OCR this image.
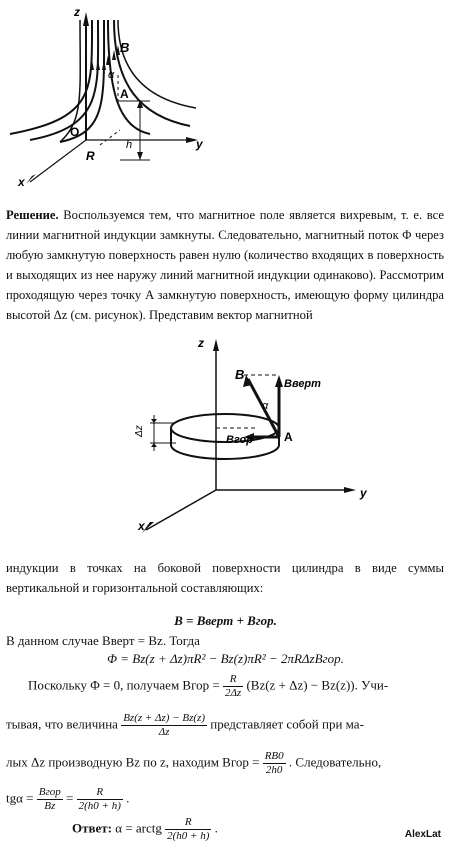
z
B
α
A
O
R
h	y
x
Решение. Воспользуемся тем, что магнитное поле является вихревым, т. е. все линии магнитной индукции замкнуты. Следовательно, магнитный поток Φ через любую замкнутую поверхность равен нулю (количество входящих в поверхность и выходящих из нее наружу линий магнитной индукции одинаково). Рассмотрим проходящую через точку A замкнутую поверхность, имеющую форму цилиндра высотой Δz (см. рисунок). Представим вектор магнитной
z
B
Bверт
α
Δz
Bгор	A
y
x
индукции в точках на боковой поверхности цилиндра в виде суммы вертикальной и горизонтальной составляющих:
B = Bверт + Bгор.
В данном случае Bверт = Bz. Тогда
Φ = Bz(z + Δz)πR² − Bz(z)πR² − 2πRΔzBгор.
Поскольку Φ = 0, получаем Bгор = $\frac{R}{2\Delta z} (Bz(z + \Delta z) - Bz(z))$. Учи-
тывая, что величина $\frac{Bz(z + \Delta z) - Bz(z)}{\Delta z}$ представляет собой при ма-
лых Δz производную Bz по z, находим Bгор = $\frac{RB0}{2h0}$ . Следовательно,
$tg\alpha = \frac{\text{Bгор}}{Bz} = \frac{R}{2(h0 + h)}$ .
Ответ: α = arctg $\frac{R}{2(h0 + h)}$ .	AlexLat
